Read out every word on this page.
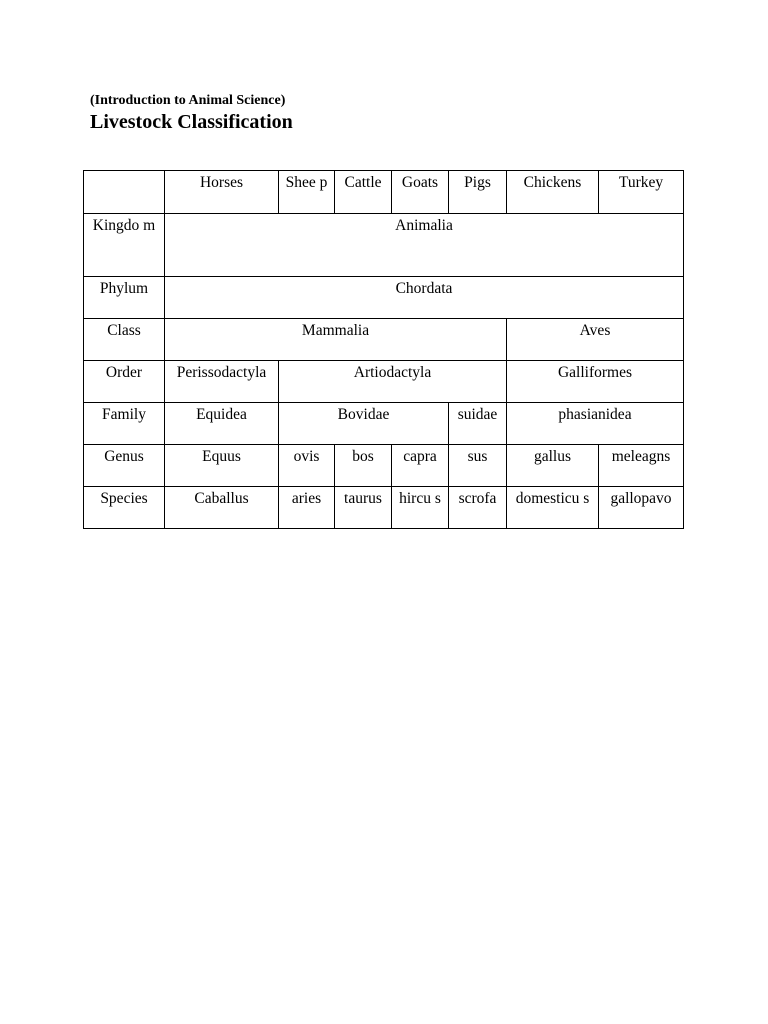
(Introduction to Animal Science)
Livestock Classification
	Horses	Shee p	Cattle	Goats	Pigs	Chickens	Turkey
Kingdo m	Animalia						
Phylum	Chordata						
Class	Mammalia					Aves	
Order	Perissodactyla	Artiodactyla				Galliformes	
Family	Equidea	Bovidae			suidae	phasianidea	
Genus	Equus	ovis	bos	capra	sus	gallus	meleagns
Species	Caballus	aries	taurus	hircu s	scrofa	domesticu s	gallopavo
